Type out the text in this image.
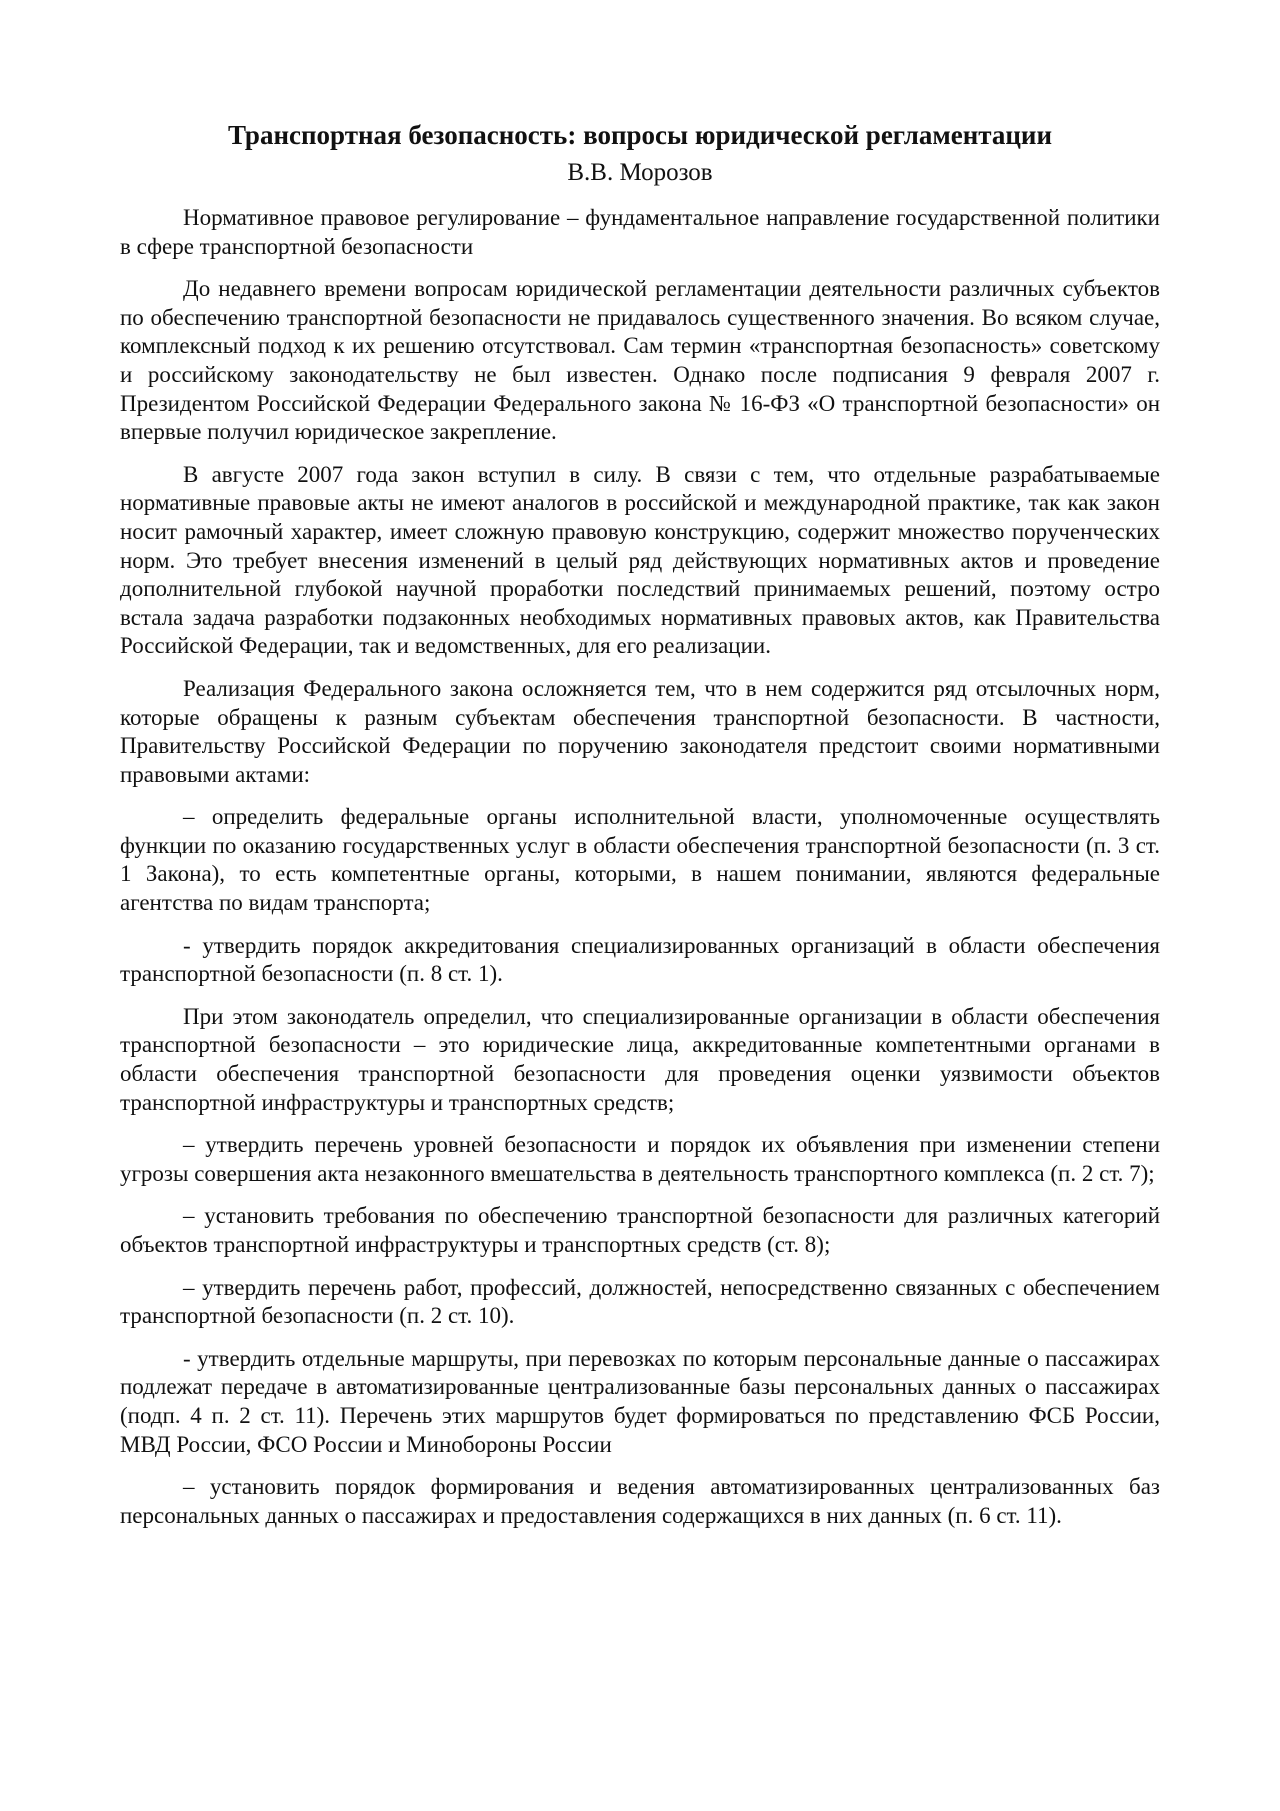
Транспортная безопасность: вопросы юридической регламентации
В.В. Морозов

Нормативное правовое регулирование – фундаментальное направление государственной политики в сфере транспортной безопасности

До недавнего времени вопросам юридической регламентации деятельности различных субъектов по обеспечению транспортной безопасности не придавалось существенного значения. Во всяком случае, комплексный подход к их решению отсутствовал. Сам термин «транспортная безопасность» советскому и российскому законодательству не был известен. Однако после подписания 9 февраля 2007 г. Президентом Российской Федерации Федерального закона № 16-ФЗ «О транспортной безопасности» он впервые получил юридическое закрепление.

В августе 2007 года закон вступил в силу. В связи с тем, что отдельные разрабатываемые нормативные правовые акты не имеют аналогов в российской и международной практике, так как закон носит рамочный характер, имеет сложную правовую конструкцию, содержит множество порученческих норм. Это требует внесения изменений в целый ряд действующих нормативных актов и проведение дополнительной глубокой научной проработки последствий принимаемых решений, поэтому остро встала задача разработки подзаконных необходимых нормативных правовых актов, как Правительства Российской Федерации, так и ведомственных, для его реализации.

Реализация Федерального закона осложняется тем, что в нем содержится ряд отсылочных норм, которые обращены к разным субъектам обеспечения транспортной безопасности. В частности, Правительству Российской Федерации по поручению законодателя предстоит своими нормативными правовыми актами:

– определить федеральные органы исполнительной власти, уполномоченные осуществлять функции по оказанию государственных услуг в области обеспечения транспортной безопасности (п. 3 ст. 1 Закона), то есть компетентные органы, которыми, в нашем понимании, являются федеральные агентства по видам транспорта;

- утвердить порядок аккредитования специализированных организаций в области обеспечения транспортной безопасности (п. 8 ст. 1).

При этом законодатель определил, что специализированные организации в области обеспечения транспортной безопасности – это юридические лица, аккредитованные компетентными органами в области обеспечения транспортной безопасности для проведения оценки уязвимости объектов транспортной инфраструктуры и транспортных средств;

– утвердить перечень уровней безопасности и порядок их объявления при изменении степени угрозы совершения акта незаконного вмешательства в деятельность транспортного комплекса (п. 2 ст. 7);

– установить требования по обеспечению транспортной безопасности для различных категорий объектов транспортной инфраструктуры и транспортных средств (ст. 8);

– утвердить перечень работ, профессий, должностей, непосредственно связанных с обеспечением транспортной безопасности (п. 2 ст. 10).

- утвердить отдельные маршруты, при перевозках по которым персональные данные о пассажирах подлежат передаче в автоматизированные централизованные базы персональных данных о пассажирах (подп. 4 п. 2 ст. 11). Перечень этих маршрутов будет формироваться по представлению ФСБ России, МВД России, ФСО России и Минобороны России

– установить порядок формирования и ведения автоматизированных централизованных баз персональных данных о пассажирах и предоставления содержащихся в них данных (п. 6 ст. 11).
